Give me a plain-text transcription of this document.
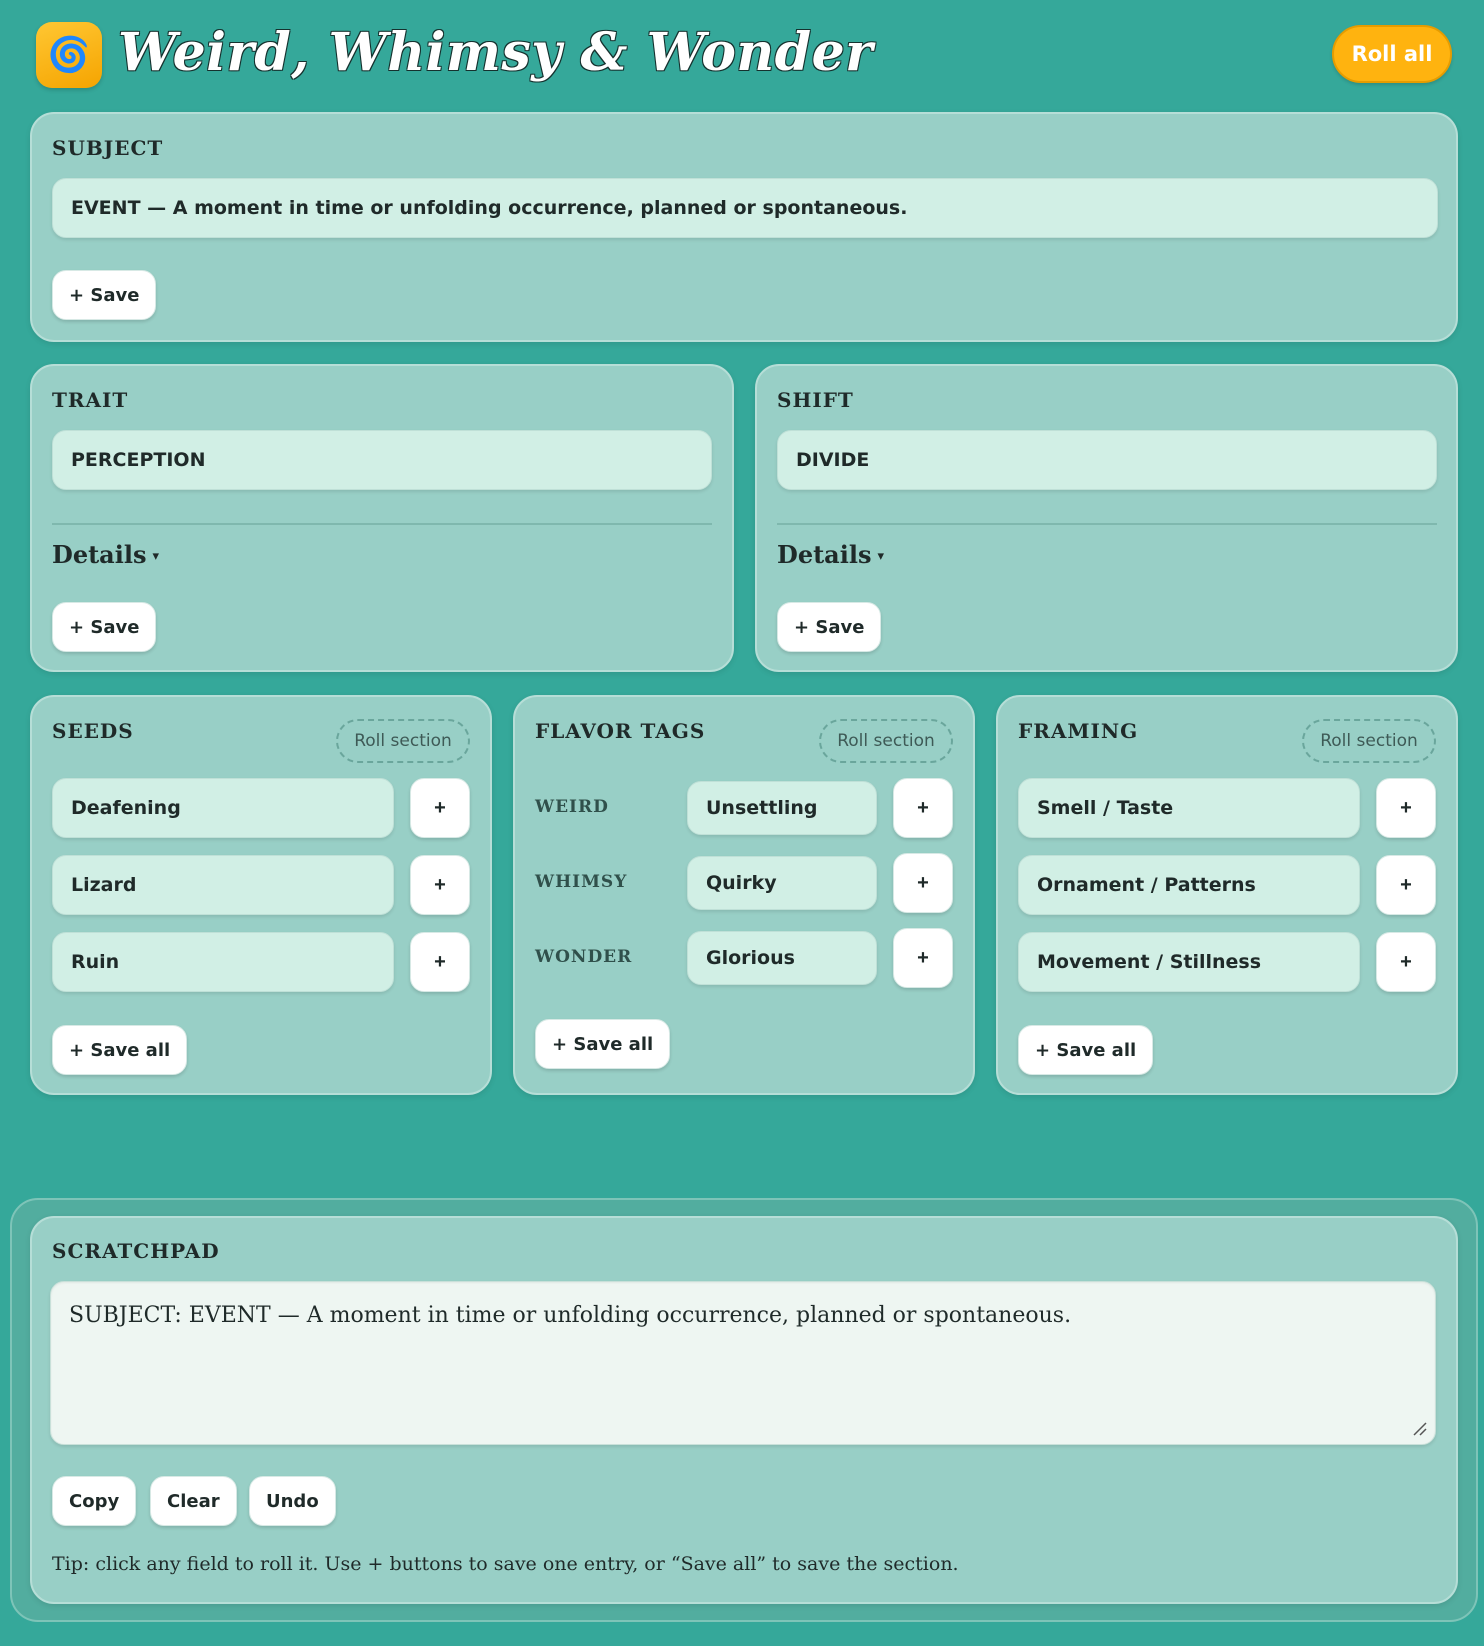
🌀 Weird, Whimsy & Wonder	Roll all
SUBJECT
EVENT — A moment in time or unfolding occurrence, planned or spontaneous.
+ Save
TRAIT
PERCEPTION
Details ▾
+ Save
SHIFT
DIVIDE
Details ▾
+ Save
SEEDS	Roll section
Deafening	+
Lizard	+
Ruin	+
+ Save all
FLAVOR TAGS	Roll section
WEIRD	Unsettling	+
WHIMSY	Quirky	+
WONDER	Glorious	+
+ Save all
FRAMING	Roll section
Smell / Taste	+
Ornament / Patterns	+
Movement / Stillness	+
+ Save all
SCRATCHPAD
SUBJECT: EVENT — A moment in time or unfolding occurrence, planned or spontaneous.
Copy	Clear	Undo
Tip: click any field to roll it. Use + buttons to save one entry, or “Save all” to save the section.
